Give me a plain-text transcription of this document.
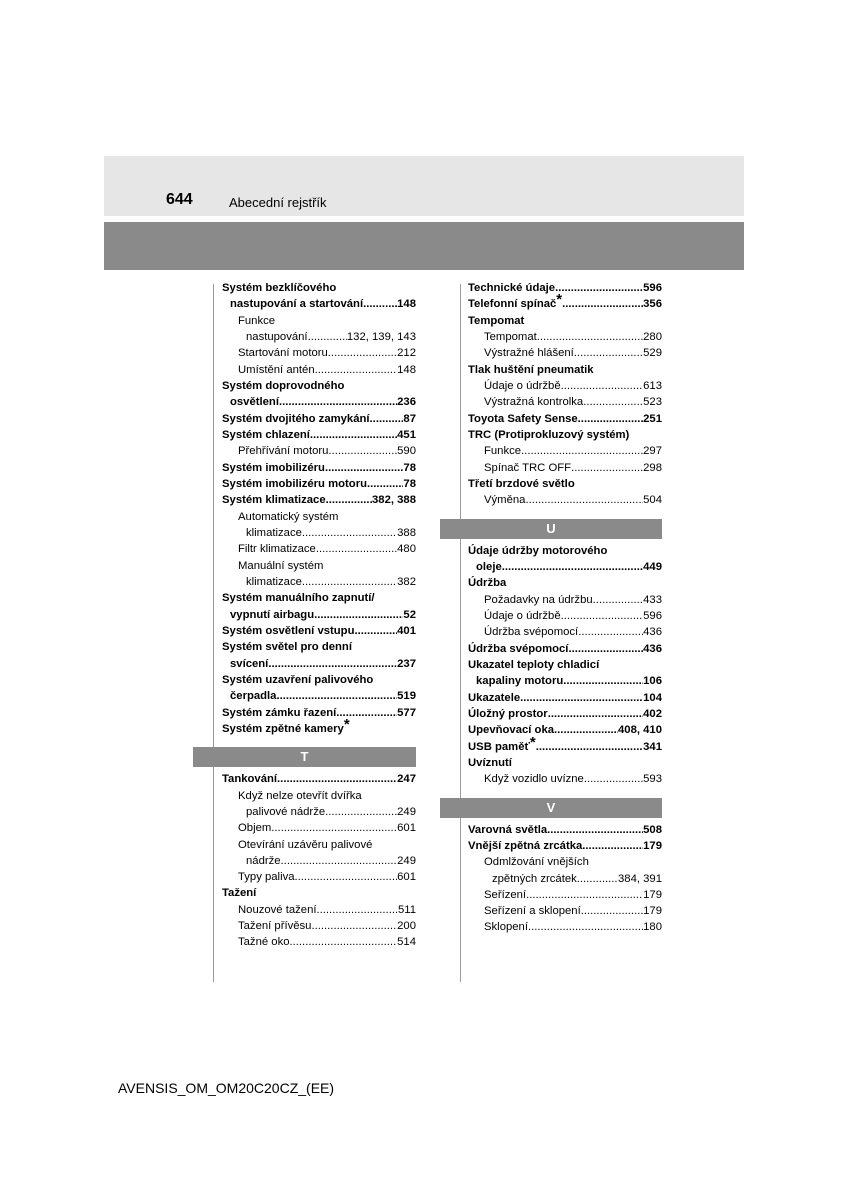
644	Abecední rejstřík
Systém bezklíčového
nastupování a startování .....	148
Funkce
nastupování .....	132, 139, 143
Startování motoru .....	212
Umístění antén .....	148
Systém doprovodného
osvětlení .....	236
Systém dvojitého zamykání .....	87
Systém chlazení .....	451
Přehřívání motoru .....	590
Systém imobilizéru .....	78
Systém imobilizéru motoru .....	78
Systém klimatizace .....	382, 388
Automatický systém
klimatizace .....	388
Filtr klimatizace .....	480
Manuální systém
klimatizace .....	382
Systém manuálního zapnutí/
vypnutí airbagu .....	52
Systém osvětlení vstupu .....	401
Systém světel pro denní
svícení .....	237
Systém uzavření palivového
čerpadla .....	519
Systém zámku řazení .....	577
Systém zpětné kamery *
T
Tankování .....	247
Když nelze otevřít dvířka
palivové nádrže .....	249
Objem .....	601
Otevírání uzávěru palivové
nádrže .....	249
Typy paliva .....	601
Tažení
Nouzové tažení .....	511
Tažení přívěsu .....	200
Tažné oko .....	514
Technické údaje .....	596
Telefonní spínač * .....	356
Tempomat
Tempomat .....	280
Výstražné hlášení .....	529
Tlak huštění pneumatik
Údaje o údržbě .....	613
Výstražná kontrolka .....	523
Toyota Safety Sense .....	251
TRC (Protiprokluzový systém)
Funkce .....	297
Spínač TRC OFF .....	298
Třetí brzdové světlo
Výměna .....	504
U
Údaje údržby motorového
oleje .....	449
Údržba
Požadavky na údržbu .....	433
Údaje o údržbě .....	596
Údržba svépomocí .....	436
Údržba svépomocí .....	436
Ukazatel teploty chladicí
kapaliny motoru .....	106
Ukazatele .....	104
Úložný prostor .....	402
Upevňovací oka .....	408, 410
USB paměť * .....	341
Uvíznutí
Když vozidlo uvízne .....	593
V
Varovná světla .....	508
Vnější zpětná zrcátka .....	179
Odmlžování vnějších
zpětných zrcátek .....	384, 391
Seřízení .....	179
Seřízení a sklopení .....	179
Sklopení .....	180
AVENSIS_OM_OM20C20CZ_(EE)
